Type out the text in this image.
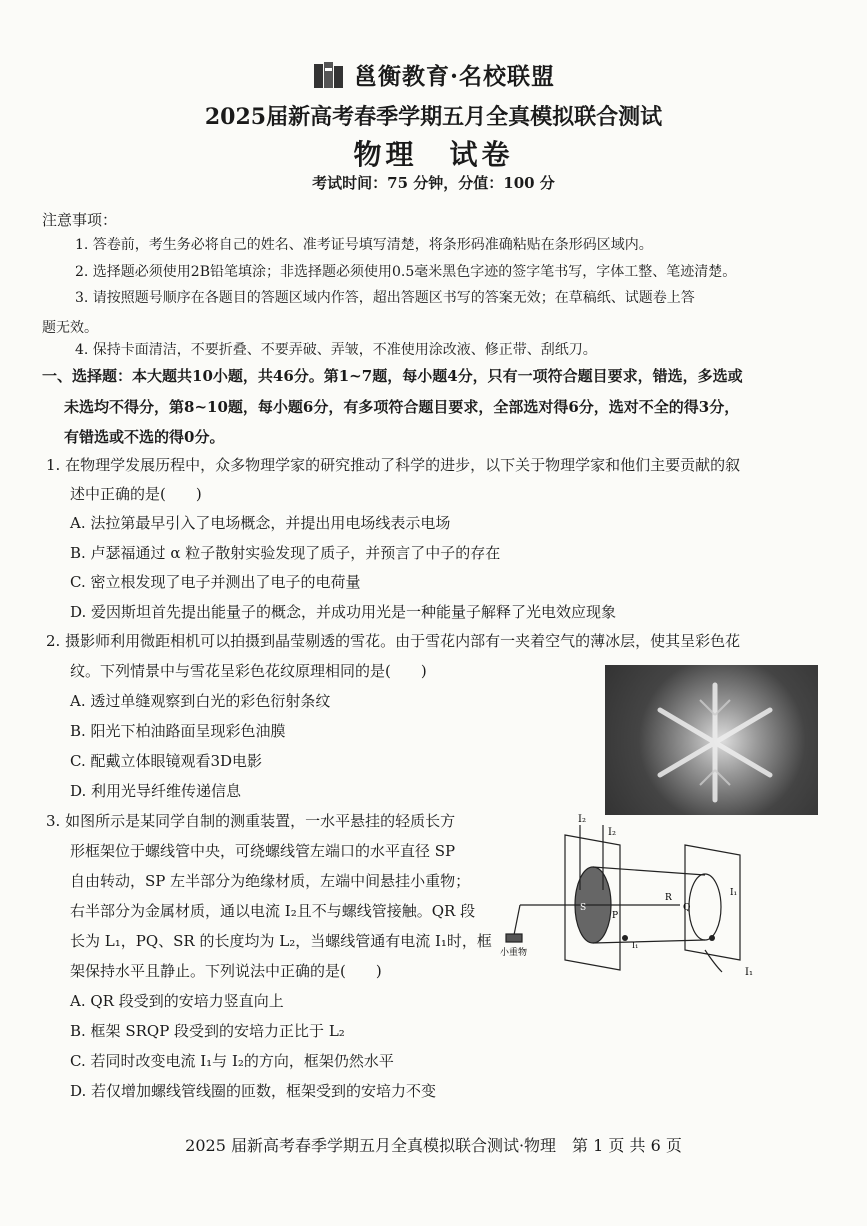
邕衡教育·名校联盟
2025届新高考春季学期五月全真模拟联合测试
物理　试卷
考试时间：75 分钟，分值：100 分
注意事项：
1. 答卷前，考生务必将自己的姓名、准考证号填写清楚，将条形码准确粘贴在条形码区域内。
2. 选择题必须使用2B铅笔填涂；非选择题必须使用0.5毫米黑色字迹的签字笔书写，字体工整、笔迹清楚。
3. 请按照题号顺序在各题目的答题区域内作答，超出答题区书写的答案无效；在草稿纸、试题卷上答
题无效。
4. 保持卡面清洁，不要折叠、不要弄破、弄皱，不准使用涂改液、修正带、刮纸刀。
一、选择题：本大题共10小题，共46分。第1~7题，每小题4分，只有一项符合题目要求，错选，多选或
未选均不得分，第8~10题，每小题6分，有多项符合题目要求，全部选对得6分，选对不全的得3分，
有错选或不选的得0分。
1. 在物理学发展历程中，众多物理学家的研究推动了科学的进步，以下关于物理学家和他们主要贡献的叙
述中正确的是(　　)
A. 法拉第最早引入了电场概念，并提出用电场线表示电场
B. 卢瑟福通过 α 粒子散射实验发现了质子，并预言了中子的存在
C. 密立根发现了电子并测出了电子的电荷量
D. 爱因斯坦首先提出能量子的概念，并成功用光是一种能量子解释了光电效应现象
2. 摄影师利用微距相机可以拍摄到晶莹剔透的雪花。由于雪花内部有一夹着空气的薄冰层，使其呈彩色花
纹。下列情景中与雪花呈彩色花纹原理相同的是(　　)
A. 透过单缝观察到白光的彩色衍射条纹
B. 阳光下柏油路面呈现彩色油膜
C. 配戴立体眼镜观看3D电影
D. 利用光导纤维传递信息
3. 如图所示是某同学自制的测重装置，一水平悬挂的轻质长方
形框架位于螺线管中央，可绕螺线管左端口的水平直径 SP
自由转动，SP 左半部分为绝缘材质，左端中间悬挂小重物；
右半部分为金属材质，通以电流 I₂且不与螺线管接触。QR 段
长为 L₁，PQ、SR 的长度均为 L₂，当螺线管通有电流 I₁时，框
架保持水平且静止。下列说法中正确的是(　　)
A. QR 段受到的安培力竖直向上
B. 框架 SRQP 段受到的安培力正比于 L₂
C. 若同时改变电流 I₁与 I₂的方向，框架仍然水平
D. 若仅增加螺线管线圈的匝数，框架受到的安培力不变
I₂
I₂
S
P
R
Q
I₁
I₁
I₁
小重物
2025 届新高考春季学期五月全真模拟联合测试·物理　第 1 页 共 6 页
